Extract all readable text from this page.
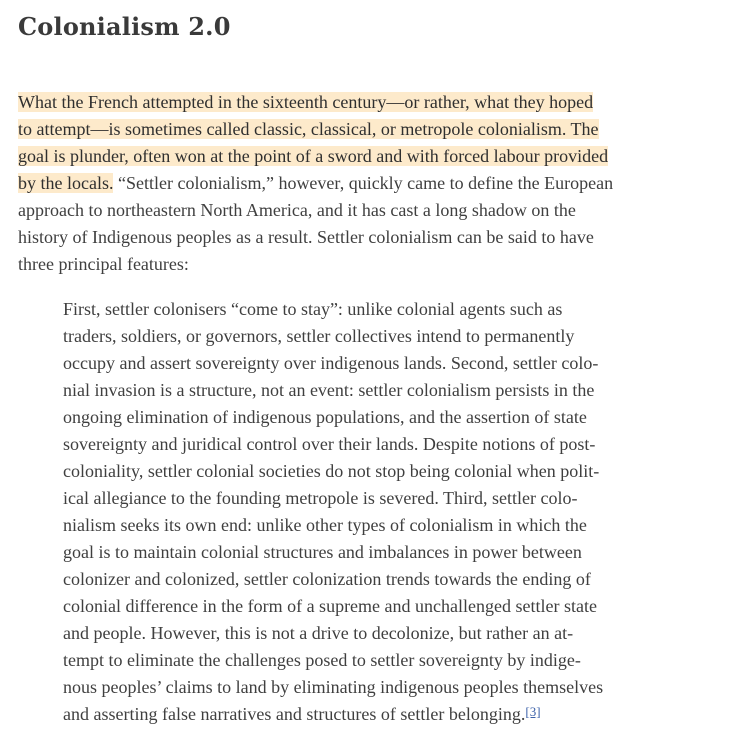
Colonialism 2.0
What the French attempted in the sixteenth century—or rather, what they hoped
to attempt—is sometimes called classic, classical, or metropole colonialism. The
goal is plunder, often won at the point of a sword and with forced labour provided
by the locals. “Settler colonialism,” however, quickly came to define the European
approach to northeastern North America, and it has cast a long shadow on the
history of Indigenous peoples as a result. Settler colonialism can be said to have
three principal features:
First, settler colonisers “come to stay”: unlike colonial agents such as
traders, soldiers, or governors, settler collectives intend to permanently
occupy and assert sovereignty over indigenous lands. Second, settler colo-
nial invasion is a structure, not an event: settler colonialism persists in the
ongoing elimination of indigenous populations, and the assertion of state
sovereignty and juridical control over their lands. Despite notions of post-
coloniality, settler colonial societies do not stop being colonial when polit-
ical allegiance to the founding metropole is severed. Third, settler colo-
nialism seeks its own end: unlike other types of colonialism in which the
goal is to maintain colonial structures and imbalances in power between
colonizer and colonized, settler colonization trends towards the ending of
colonial difference in the form of a supreme and unchallenged settler state
and people. However, this is not a drive to decolonize, but rather an at-
tempt to eliminate the challenges posed to settler sovereignty by indige-
nous peoples’ claims to land by eliminating indigenous peoples themselves
and asserting false narratives and structures of settler belonging.[3]
